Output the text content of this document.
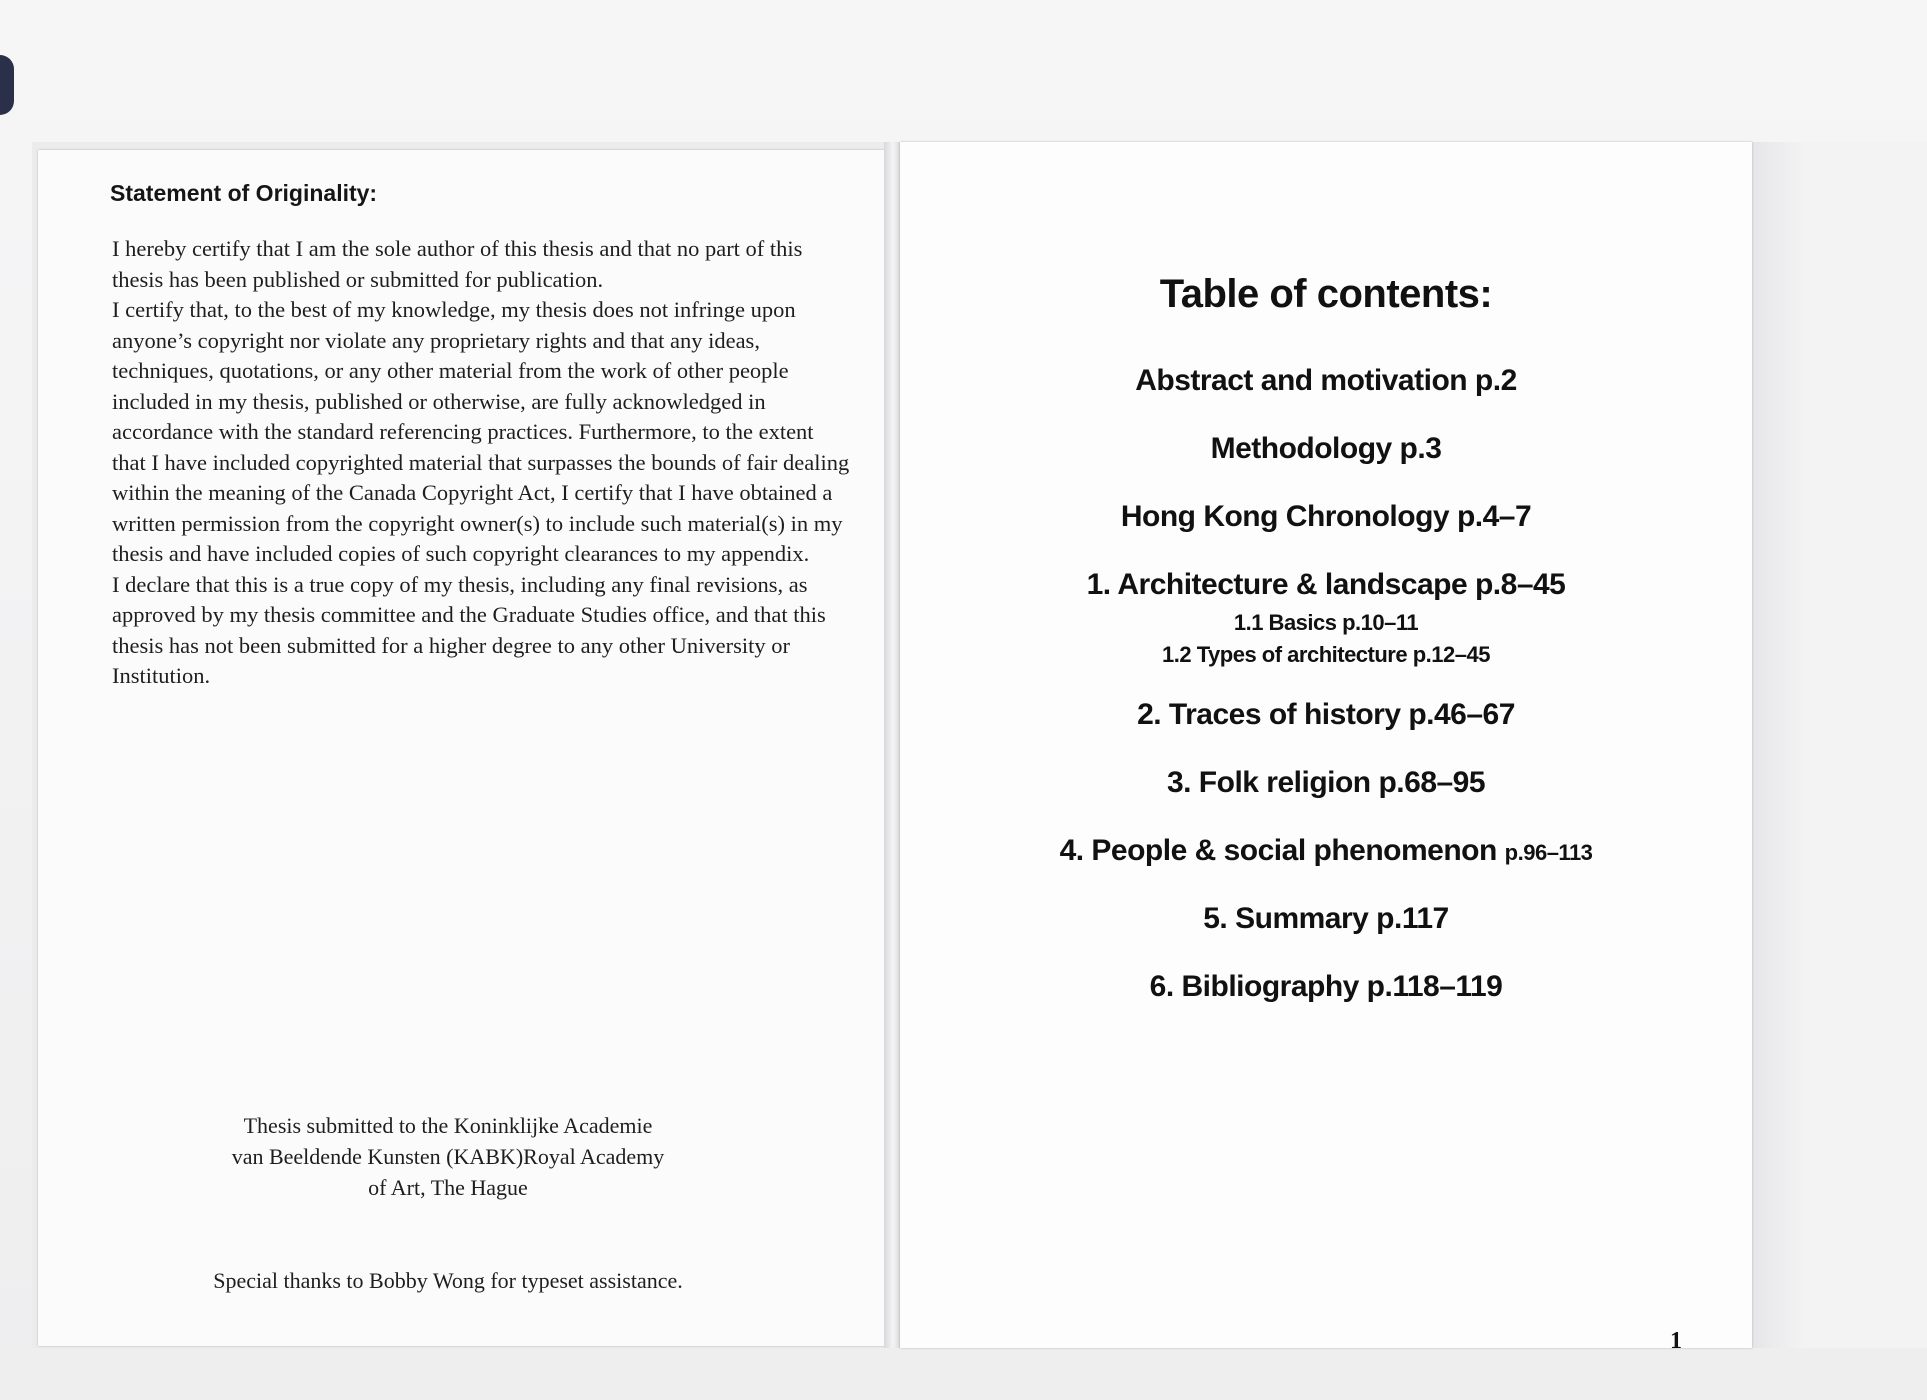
Statement of Originality:

I hereby certify that I am the sole author of this thesis and that no part of this thesis has been published or submitted for publication.

I certify that, to the best of my knowledge, my thesis does not infringe upon anyone’s copyright nor violate any proprietary rights and that any ideas, techniques, quotations, or any other material from the work of other people included in my thesis, published or otherwise, are fully acknowledged in accordance with the standard referencing practices. Furthermore, to the extent that I have included copyrighted material that surpasses the bounds of fair dealing within the meaning of the Canada Copyright Act, I certify that I have obtained a written permission from the copyright owner(s) to include such material(s) in my thesis and have included copies of such copyright clearances to my appendix.

I declare that this is a true copy of my thesis, including any final revisions, as approved by my thesis committee and the Graduate Studies office, and that this thesis has not been submitted for a higher degree to any other University or Institution.

Thesis submitted to the Koninklijke Academie
van Beeldende Kunsten (KABK)Royal Academy
of Art, The Hague
Special thanks to Bobby Wong for typeset assistance.

Table of contents:
Abstract and motivation p.2
Methodology p.3
Hong Kong Chronology p.4–7
1. Architecture & landscape p.8–45
1.1 Basics p.10–11
1.2 Types of architecture p.12–45
2. Traces of history p.46–67
3. Folk religion p.68–95
4. People & social phenomenon p.96–113
5. Summary p.117
6. Bibliography p.118–119
1
